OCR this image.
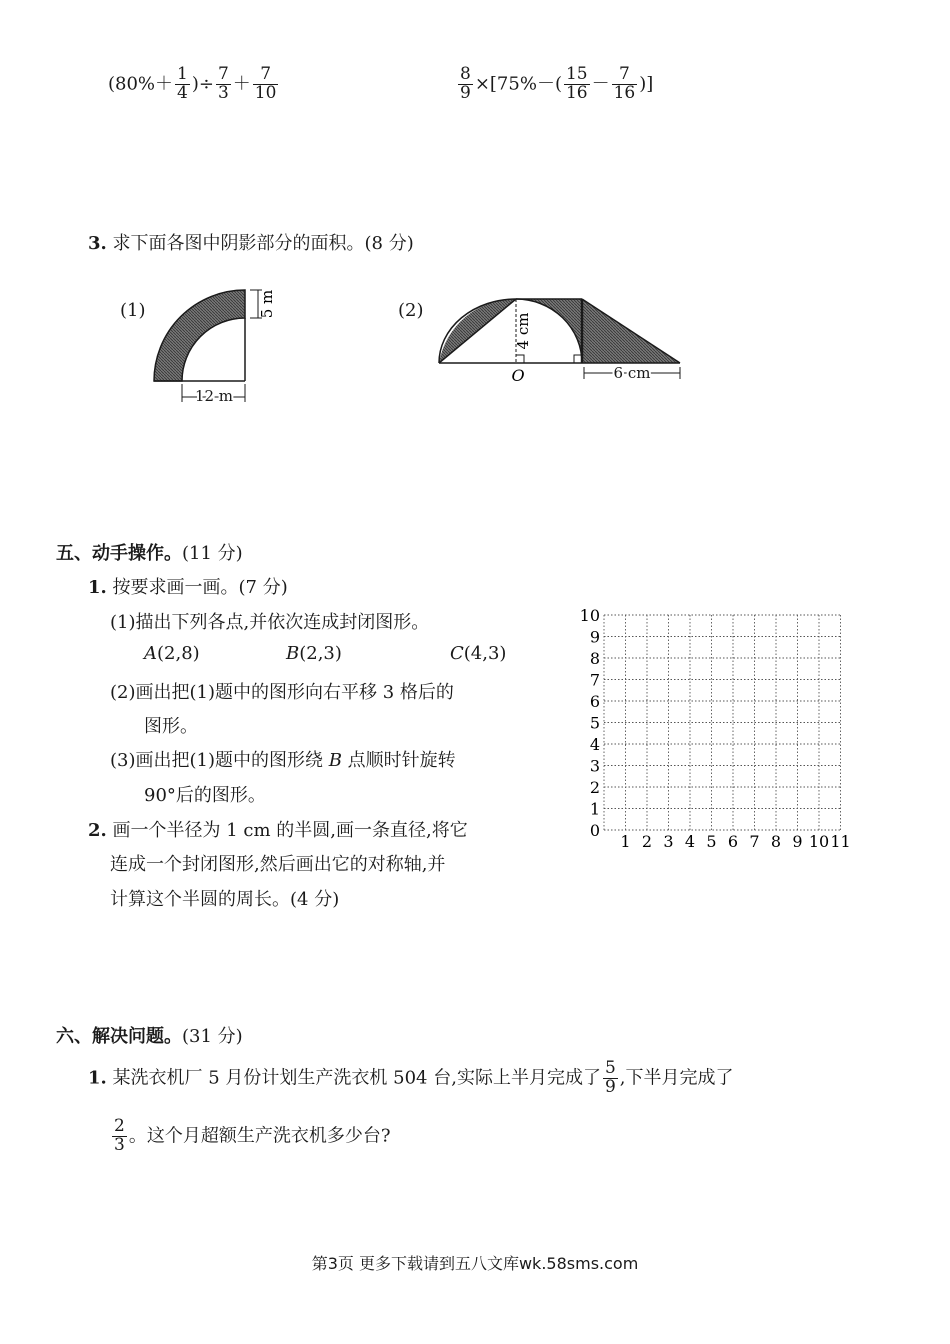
($80\%+ \frac{1}{4}$ )÷ $\frac{7}{3} + \frac{7}{10}$	$\frac{8}{9} \times[75\%-( \frac{15}{16} - \frac{7}{16}$ )]
3. 求下面各图中阴影部分的面积。(8 分)
(1)	(2)
5 m
12 m
4 cm
O	6 cm
五、动手操作。(11 分)
1. 按要求画一画。(7 分)
(1)描出下列各点,并依次连成封闭图形。
A(2,8)	B(2,3)	C(4,3)
(2)画出把(1)题中的图形向右平移 3 格后的
图形。
(3)画出把(1)题中的图形绕 B 点顺时针旋转
90°后的图形。
2. 画一个半径为 1 cm 的半圆,画一条直径,将它
连成一个封闭图形,然后画出它的对称轴,并
计算这个半圆的周长。(4 分)
1 2 3 4 5 6 7 8 9 10 11
0
1
2
3
4
5
6
7
8
9
10
六、解决问题。(31 分)
1. 某洗衣机厂 5 月份计划生产洗衣机 504 台,实际上半月完成了 $\frac{5}{9}$ ,下半月完成了
$\frac{2}{3}$ 。这个月超额生产洗衣机多少台?
第3页 更多下载请到五八文库wk.58sms.com
